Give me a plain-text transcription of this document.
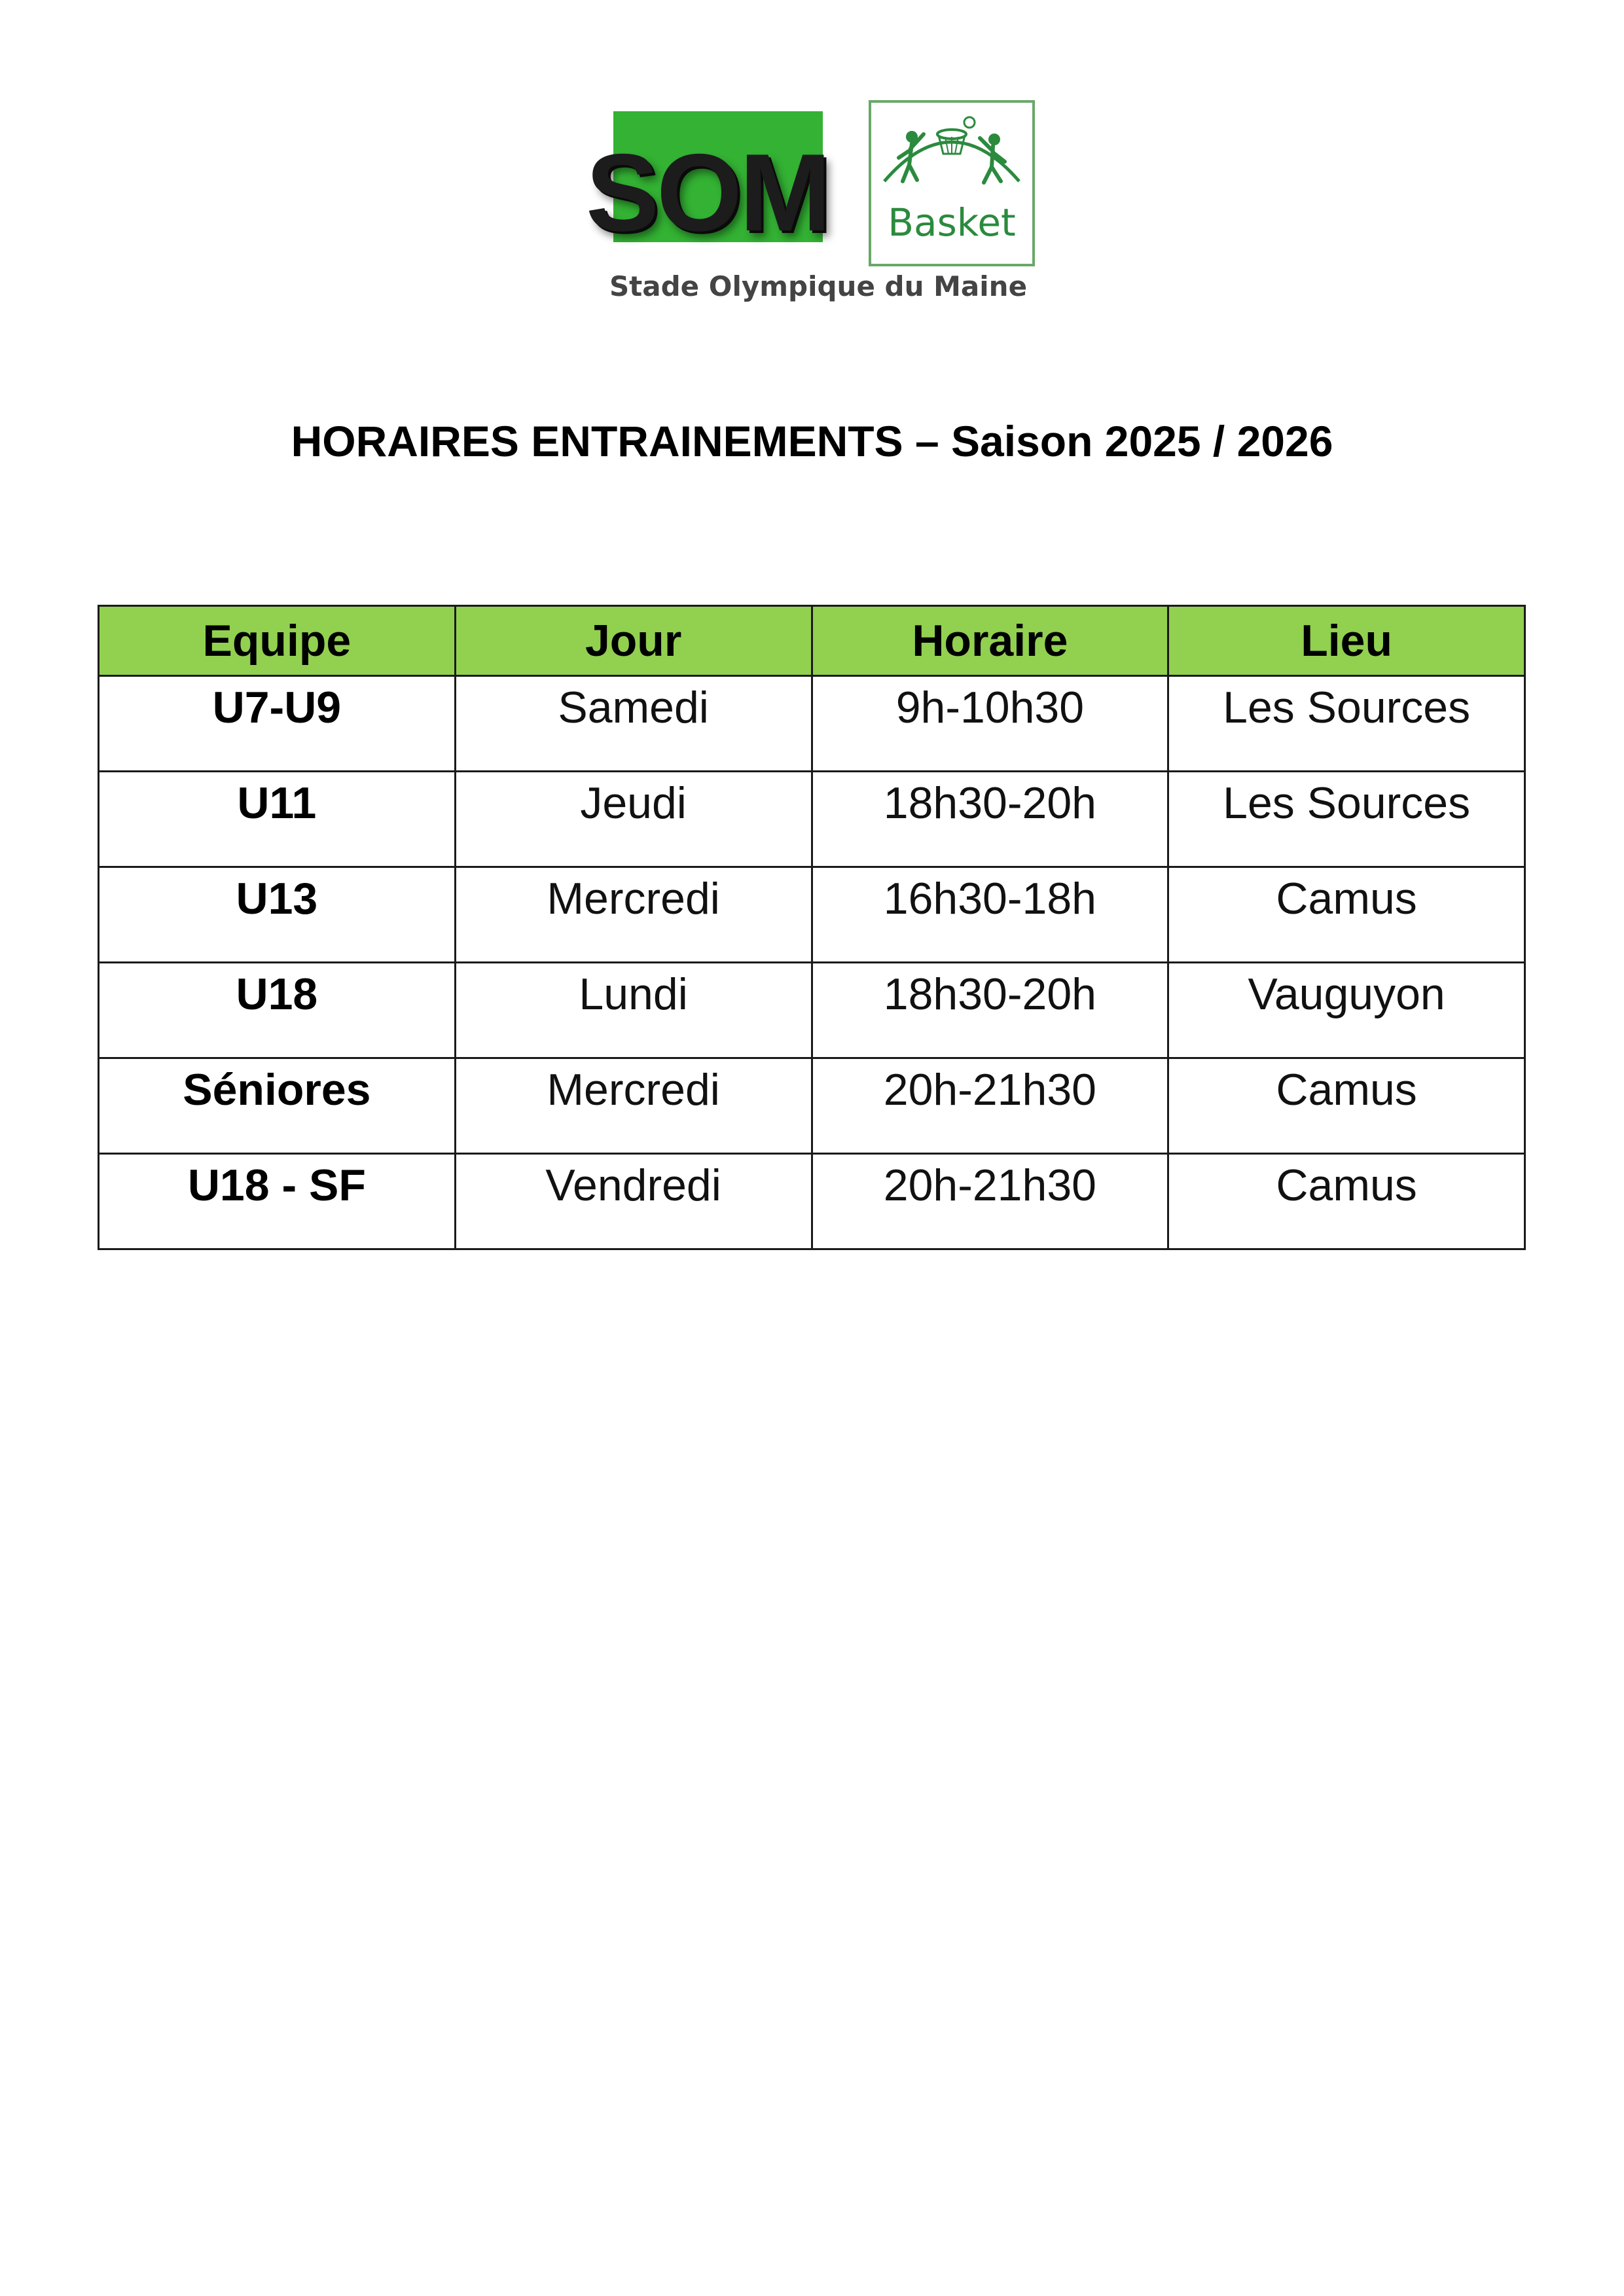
SOM	Basket
Stade Olympique du Maine
HORAIRES ENTRAINEMENTS – Saison 2025 / 2026
Equipe	Jour	Horaire	Lieu
U7-U9	Samedi	9h-10h30	Les Sources
U11	Jeudi	18h30-20h	Les Sources
U13	Mercredi	16h30-18h	Camus
U18	Lundi	18h30-20h	Vauguyon
Séniores	Mercredi	20h-21h30	Camus
U18 - SF	Vendredi	20h-21h30	Camus
